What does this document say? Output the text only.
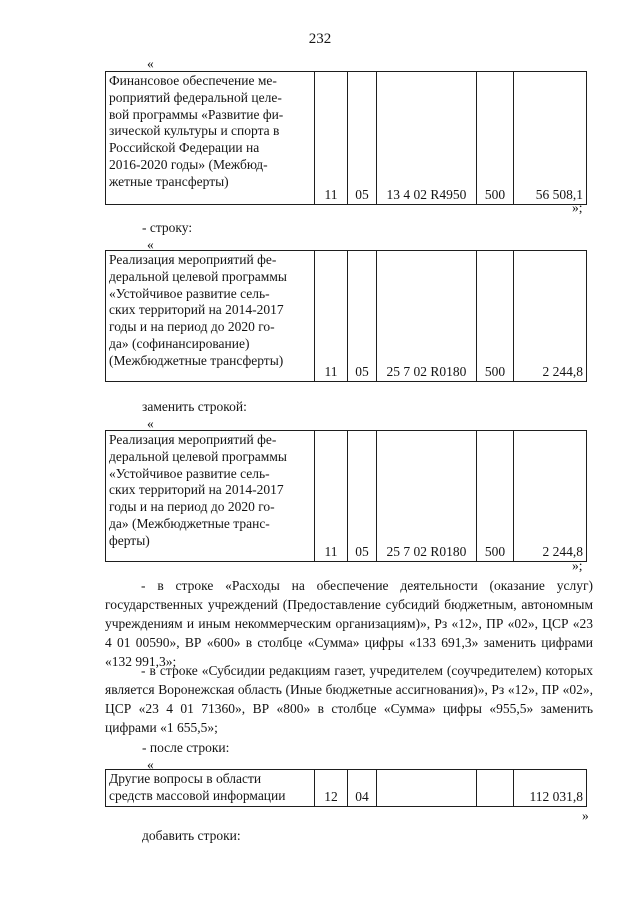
232
«
Финансовое обеспечение ме-
роприятий федеральной целе-
вой программы «Развитие фи-
зической культуры и спорта в
Российской Федерации на
2016-2020 годы» (Межбюд-
жетные трансферты)	11	05	13 4 02 R4950	500	56 508,1
»;
- строку:
«
Реализация мероприятий фе-
деральной целевой программы
«Устойчивое развитие сель-
ских территорий на 2014-2017
годы и на период до 2020 го-
да» (софинансирование)
(Межбюджетные трансферты)	11	05	25 7 02 R0180	500	2 244,8
заменить строкой:
«
Реализация мероприятий фе-
деральной целевой программы
«Устойчивое развитие сель-
ских территорий на 2014-2017
годы и на период до 2020 го-
да» (Межбюджетные транс-
ферты)	11	05	25 7 02 R0180	500	2 244,8
»;
- в строке «Расходы на обеспечение деятельности (оказание услуг) государственных учреждений (Предоставление субсидий бюджетным, автономным учреждениям и иным некоммерческим организациям)», Рз «12», ПР «02», ЦСР «23 4 01 00590», ВР «600» в столбце «Сумма» цифры «133 691,3» заменить цифрами «132 991,3»;
- в строке «Субсидии редакциям газет, учредителем (соучредителем) которых является Воронежская область (Иные бюджетные ассигнования)», Рз «12», ПР «02», ЦСР «23 4 01 71360», ВР «800» в столбце «Сумма» цифры «955,5» заменить цифрами «1 655,5»;
- после строки:
«
Другие вопросы в области
средств массовой информации	12	04			112 031,8
»
добавить строки:
